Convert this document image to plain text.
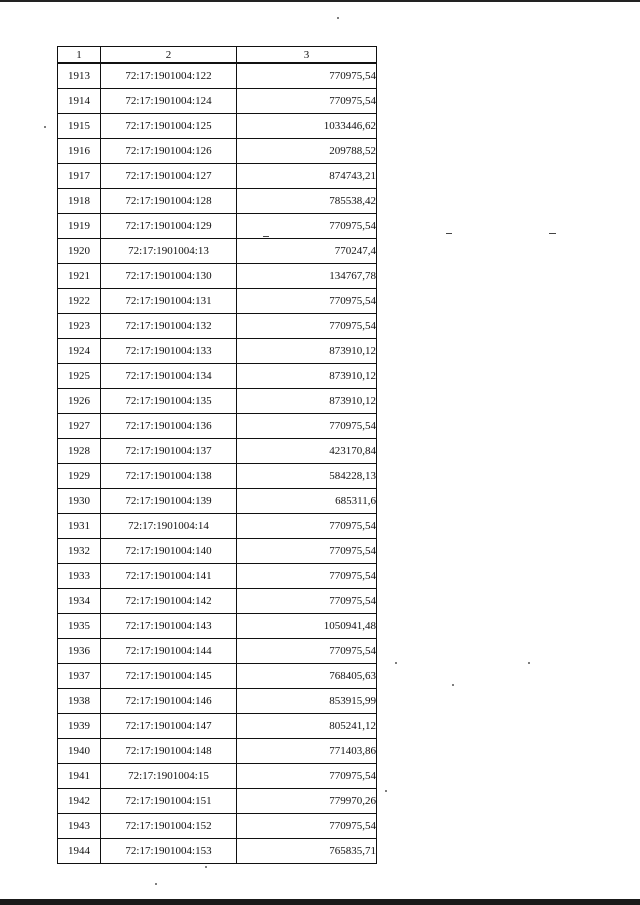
1	2	3
1913	72:17:1901004:122	770975,54
1914	72:17:1901004:124	770975,54
1915	72:17:1901004:125	1033446,62
1916	72:17:1901004:126	209788,52
1917	72:17:1901004:127	874743,21
1918	72:17:1901004:128	785538,42
1919	72:17:1901004:129	770975,54
1920	72:17:1901004:13	770247,4
1921	72:17:1901004:130	134767,78
1922	72:17:1901004:131	770975,54
1923	72:17:1901004:132	770975,54
1924	72:17:1901004:133	873910,12
1925	72:17:1901004:134	873910,12
1926	72:17:1901004:135	873910,12
1927	72:17:1901004:136	770975,54
1928	72:17:1901004:137	423170,84
1929	72:17:1901004:138	584228,13
1930	72:17:1901004:139	685311,6
1931	72:17:1901004:14	770975,54
1932	72:17:1901004:140	770975,54
1933	72:17:1901004:141	770975,54
1934	72:17:1901004:142	770975,54
1935	72:17:1901004:143	1050941,48
1936	72:17:1901004:144	770975,54
1937	72:17:1901004:145	768405,63
1938	72:17:1901004:146	853915,99
1939	72:17:1901004:147	805241,12
1940	72:17:1901004:148	771403,86
1941	72:17:1901004:15	770975,54
1942	72:17:1901004:151	779970,26
1943	72:17:1901004:152	770975,54
1944	72:17:1901004:153	765835,71
